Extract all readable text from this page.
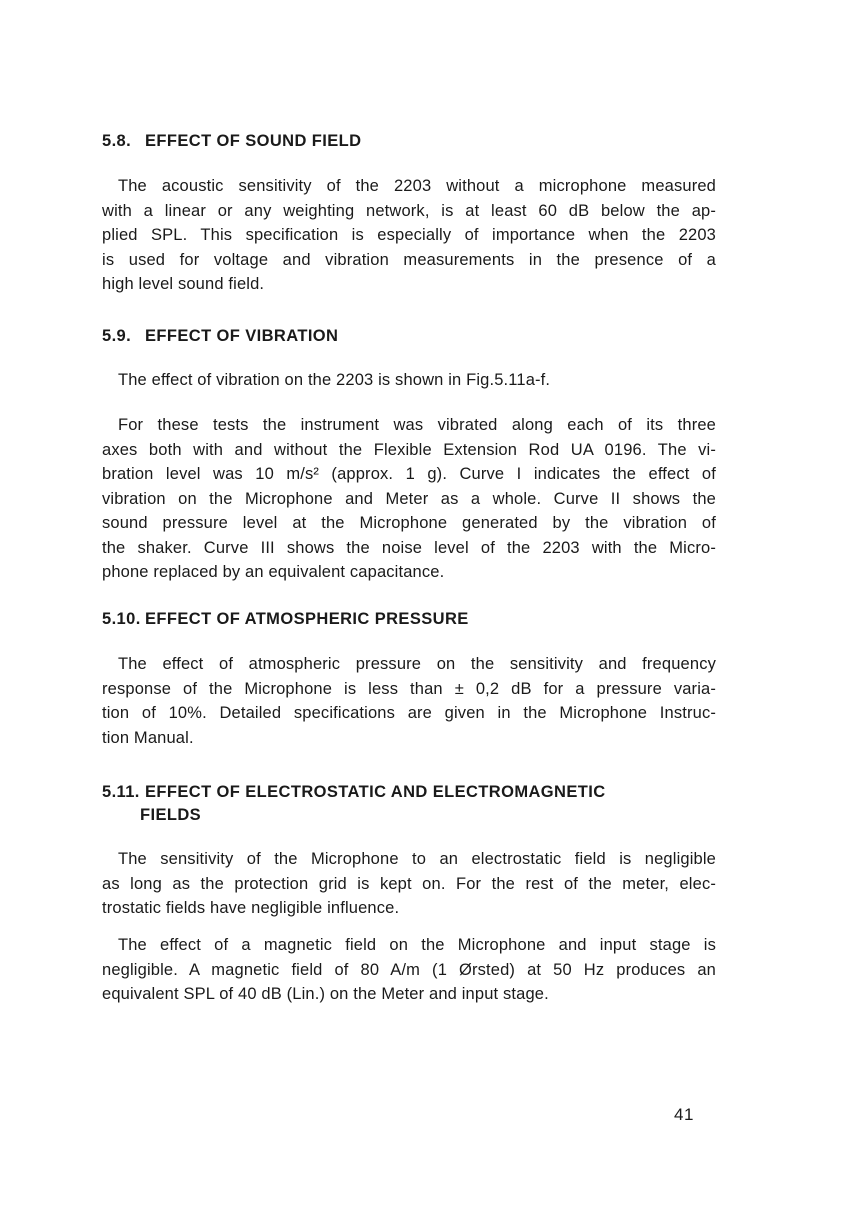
5.8. EFFECT OF SOUND FIELD

The acoustic sensitivity of the 2203 without a microphone measured
with a linear or any weighting network, is at least 60 dB below the ap-
plied SPL. This specification is especially of importance when the 2203
is used for voltage and vibration measurements in the presence of a
high level sound field.

5.9. EFFECT OF VIBRATION

The effect of vibration on the 2203 is shown in Fig.5.11a-f.

For these tests the instrument was vibrated along each of its three
axes both with and without the Flexible Extension Rod UA 0196. The vi-
bration level was 10 m/s² (approx. 1 g). Curve I indicates the effect of
vibration on the Microphone and Meter as a whole. Curve II shows the
sound pressure level at the Microphone generated by the vibration of
the shaker. Curve III shows the noise level of the 2203 with the Micro-
phone replaced by an equivalent capacitance.

5.10. EFFECT OF ATMOSPHERIC PRESSURE

The effect of atmospheric pressure on the sensitivity and frequency
response of the Microphone is less than ± 0,2 dB for a pressure varia-
tion of 10%. Detailed specifications are given in the Microphone Instruc-
tion Manual.

5.11. EFFECT OF ELECTROSTATIC AND ELECTROMAGNETIC
FIELDS

The sensitivity of the Microphone to an electrostatic field is negligible
as long as the protection grid is kept on. For the rest of the meter, elec-
trostatic fields have negligible influence.

The effect of a magnetic field on the Microphone and input stage is
negligible. A magnetic field of 80 A/m (1 Ørsted) at 50 Hz produces an
equivalent SPL of 40 dB (Lin.) on the Meter and input stage.

41
